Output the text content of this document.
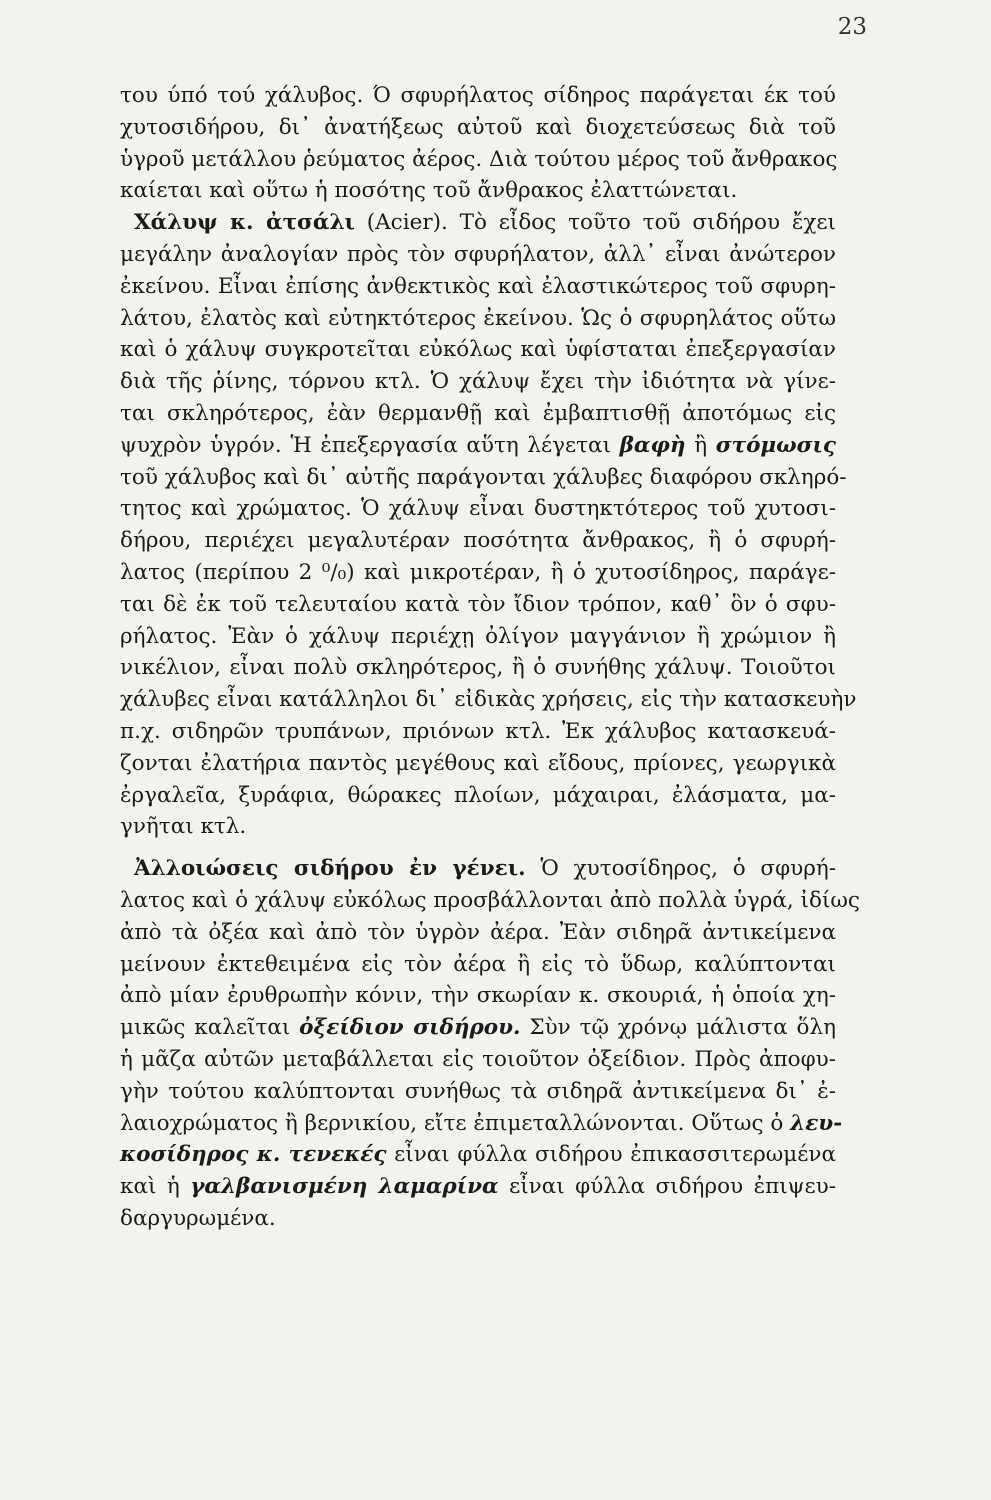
23
του ύπό τού χάλυβος. Ό σφυρήλατος σίδηρος παράγεται έκ τού
χυτοσιδήρου, δι᾽ ἀνατήξεως αὐτοῦ καὶ διοχετεύσεως διὰ τοῦ
ὑγροῦ μετάλλου ῥεύματος ἀέρος. Διὰ τούτου μέρος τοῦ ἄνθρακος
καίεται καὶ οὕτω ἡ ποσότης τοῦ ἄνθρακος ἐλαττώνεται.
Χάλυψ κ. ἀτσάλι (Acier). Τὸ εἶδος τοῦτο τοῦ σιδήρου ἔχει
μεγάλην ἀναλογίαν πρὸς τὸν σφυρήλατον, ἀλλ᾽ εἶναι ἀνώτερον
ἐκείνου. Εἶναι ἐπίσης ἀνθεκτικὸς καὶ ἐλαστικώτερος τοῦ σφυρη-
λάτου, ἐλατὸς καὶ εὐτηκτότερος ἐκείνου. Ὡς ὁ σφυρηλάτος οὕτω
καὶ ὁ χάλυψ συγκροτεῖται εὐκόλως καὶ ὑφίσταται ἐπεξεργασίαν
διὰ τῆς ῥίνης, τόρνου κτλ. Ὁ χάλυψ ἔχει τὴν ἰδιότητα νὰ γίνε-
ται σκληρότερος, ἐὰν θερμανθῇ καὶ ἐμβαπτισθῇ ἀποτόμως εἰς
ψυχρὸν ὑγρόν. Ἡ ἐπεξεργασία αὕτη λέγεται βαφὴ ἢ στόμωσις
τοῦ χάλυβος καὶ δι᾽ αὐτῆς παράγονται χάλυβες διαφόρου σκληρό-
τητος καὶ χρώματος. Ὁ χάλυψ εἶναι δυστηκτότερος τοῦ χυτοσι-
δήρου, περιέχει μεγαλυτέραν ποσότητα ἄνθρακος, ἢ ὁ σφυρή-
λατος (περίπου 2 ⁰/₀) καὶ μικροτέραν, ἢ ὁ χυτοσίδηρος, παράγε-
ται δὲ ἐκ τοῦ τελευταίου κατὰ τὸν ἴδιον τρόπον, καθ᾽ ὃν ὁ σφυ-
ρήλατος. Ἐὰν ὁ χάλυψ περιέχῃ ὀλίγον μαγγάνιον ἢ χρώμιον ἢ
νικέλιον, εἶναι πολὺ σκληρότερος, ἢ ὁ συνήθης χάλυψ. Τοιοῦτοι
χάλυβες εἶναι κατάλληλοι δι᾽ εἰδικὰς χρήσεις, εἰς τὴν κατασκευὴν
π.χ. σιδηρῶν τρυπάνων, πριόνων κτλ. Ἐκ χάλυβος κατασκευά-
ζονται ἐλατήρια παντὸς μεγέθους καὶ εἴδους, πρίονες, γεωργικὰ
ἐργαλεῖα, ξυράφια, θώρακες πλοίων, μάχαιραι, ἐλάσματα, μα-
γνῆται κτλ.
Ἀλλοιώσεις σιδήρου ἐν γένει. Ὁ χυτοσίδηρος, ὁ σφυρή-
λατος καὶ ὁ χάλυψ εὐκόλως προσβάλλονται ἀπὸ πολλὰ ὑγρά, ἰδίως
ἀπὸ τὰ ὀξέα καὶ ἀπὸ τὸν ὑγρὸν ἀέρα. Ἐὰν σιδηρᾶ ἀντικείμενα
μείνουν ἐκτεθειμένα εἰς τὸν ἀέρα ἢ εἰς τὸ ὕδωρ, καλύπτονται
ἀπὸ μίαν ἐρυθρωπὴν κόνιν, τὴν σκωρίαν κ. σκουριά, ἡ ὁποία χη-
μικῶς καλεῖται ὀξείδιον σιδήρου. Σὺν τῷ χρόνῳ μάλιστα ὅλη
ἡ μᾶζα αὐτῶν μεταβάλλεται εἰς τοιοῦτον ὀξείδιον. Πρὸς ἀποφυ-
γὴν τούτου καλύπτονται συνήθως τὰ σιδηρᾶ ἀντικείμενα δι᾽ ἐ-
λαιοχρώματος ἢ βερνικίου, εἴτε ἐπιμεταλλώνονται. Οὕτως ὁ λευ-
κοσίδηρος κ. τενεκές εἶναι φύλλα σιδήρου ἐπικασσιτερωμένα
καὶ ἡ γαλβανισμένη λαμαρίνα εἶναι φύλλα σιδήρου ἐπιψευ-
δαργυρωμένα.
